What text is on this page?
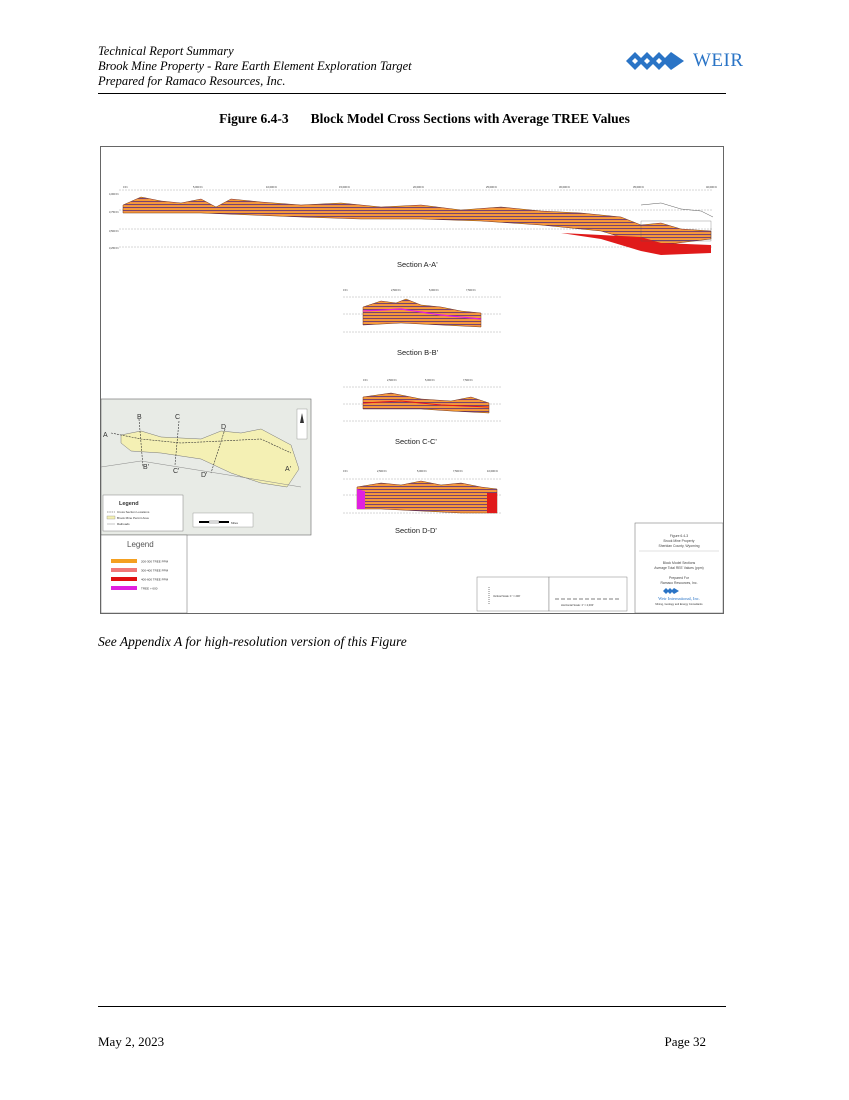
Technical Report Summary
Brook Mine Property - Rare Earth Element Exploration Target
Prepared for Ramaco Resources, Inc.
WEIR
Figure 6.4-3 Block Model Cross Sections with Average TREE Values
4,000 Ft
3,750 Ft
3,500 Ft
3,250 Ft
0 Ft	5,000 Ft	10,000 Ft	15,000 Ft	20,000 Ft	25,000 Ft	30,000 Ft	35,000 Ft	40,000 Ft
Section A-A'
0 Ft	2,500 Ft	5,000 Ft	7,500 Ft
Section B-B'
0 Ft	2,500 Ft	5,000 Ft	7,500 Ft
Section C-C'
0 Ft	2,500 Ft	5,000 Ft	7,500 Ft	10,000 Ft
Section D-D'
A
B	C
D
A'
B'
C'
D'
Legend
Cross Section Locations
Brook Mine Permit Area
Railroads	Miles
Legend
200-300 TREE PPM
300-400 TREE PPM
400-600 TREE PPM
TREE > 600
Vertical Scale: 1" = 200'
Horizontal Scale: 1" = 2,000'
Figure 6.4-3
Brook Mine Property
Sheridan County, Wyoming
Block Model Sections
Average Total REE Values (ppm)
Prepared For
Ramaco Resources, Inc.
Weir International, Inc.
Mining, Geology and Energy Consultants
See Appendix A for high-resolution version of this Figure
May 2, 2023	Page 32
